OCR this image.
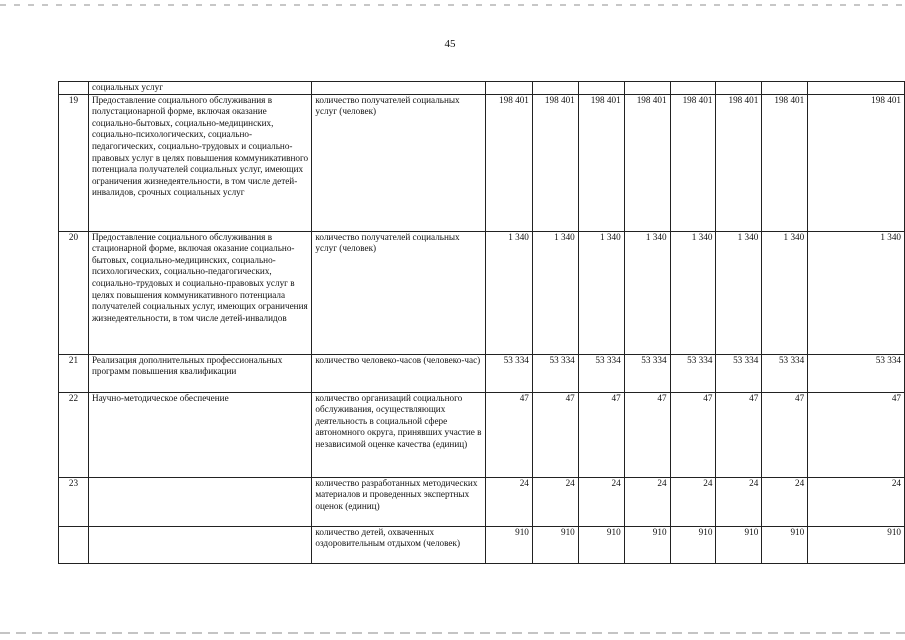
45
	социальных услуг									
19	Предоставление социального обслуживания в полустационарной форме, включая оказание социально-бытовых, социально-медицинских, социально-психологических, социально-педагогических, социально-трудовых и социально-правовых услуг в целях повышения коммуникативного потенциала получателей социальных услуг, имеющих ограничения жизнедеятельности, в том числе детей-инвалидов, срочных социальных услуг	количество получателей социальных услуг (человек)	198 401	198 401	198 401	198 401	198 401	198 401	198 401	198 401
20	Предоставление социального обслуживания в стационарной форме, включая оказание социально-бытовых, социально-медицинских, социально-психологических, социально-педагогических, социально-трудовых и социально-правовых услуг в целях повышения коммуникативного потенциала получателей социальных услуг, имеющих ограничения жизнедеятельности, в том числе детей-инвалидов	количество получателей социальных услуг (человек)	1 340	1 340	1 340	1 340	1 340	1 340	1 340	1 340
21	Реализация дополнительных профессиональных программ повышения квалификации	количество человеко-часов (человеко-час)	53 334	53 334	53 334	53 334	53 334	53 334	53 334	53 334
22	Научно-методическое обеспечение	количество организаций социального обслуживания, осуществляющих деятельность в социальной сфере автономного округа, принявших участие в независимой оценке качества (единиц)	47	47	47	47	47	47	47	47
23		количество разработанных методических материалов и проведенных экспертных оценок (единиц)	24	24	24	24	24	24	24	24
		количество детей, охваченных оздоровительным отдыхом (человек)	910	910	910	910	910	910	910	910
